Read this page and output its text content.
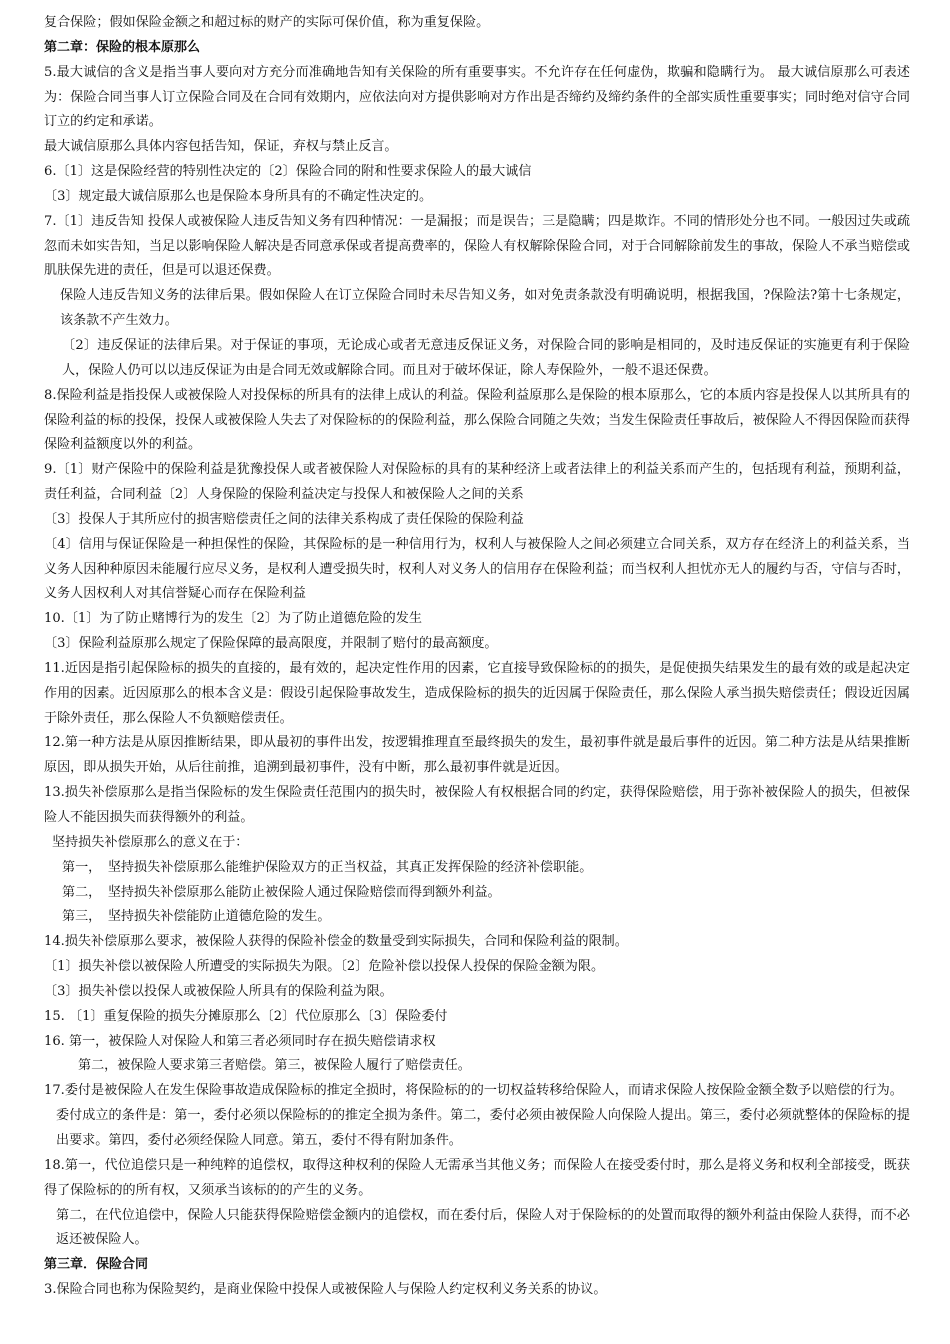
复合保险；假如保险金额之和超过标的财产的实际可保价值，称为重复保险。

第二章：保险的根本原那么

5.最大诚信的含义是指当事人要向对方充分而准确地告知有关保险的所有重要事实。不允许存在任何虚伪，欺骗和隐瞒行为。 最大诚信原那么可表述为：保险合同当事人订立保险合同及在合同有效期内，应依法向对方提供影响对方作出是否缔约及缔约条件的全部实质性重要事实；同时绝对信守合同订立的约定和承诺。

最大诚信原那么具体内容包括告知，保证，弃权与禁止反言。

6.〔1〕这是保险经营的特别性决定的〔2〕保险合同的附和性要求保险人的最大诚信

〔3〕规定最大诚信原那么也是保险本身所具有的不确定性决定的。

7.〔1〕违反告知 投保人或被保险人违反告知义务有四种情况：一是漏报；而是误告；三是隐瞒；四是欺诈。不同的情形处分也不同。一般因过失或疏忽而未如实告知，当足以影响保险人解决是否同意承保或者提高费率的，保险人有权解除保险合同，对于合同解除前发生的事故，保险人不承当赔偿或肌肤保先进的责任，但是可以退还保费。

保险人违反告知义务的法律后果。假如保险人在订立保险合同时未尽告知义务，如对免责条款没有明确说明，根据我国，?保险法?第十七条规定，该条款不产生效力。

〔2〕违反保证的法律后果。对于保证的事项，无论成心或者无意违反保证义务，对保险合同的影响是相同的，及时违反保证的实施更有利于保险人，保险人仍可以以违反保证为由是合同无效或解除合同。而且对于破坏保证，除人寿保险外，一般不退还保费。

8.保险利益是指投保人或被保险人对投保标的所具有的法律上成认的利益。保险利益原那么是保险的根本原那么，它的本质内容是投保人以其所具有的保险利益的标的投保，投保人或被保险人失去了对保险标的的保险利益，那么保险合同随之失效；当发生保险责任事故后，被保险人不得因保险而获得保险利益额度以外的利益。

9.〔1〕财产保险中的保险利益是犹豫投保人或者被保险人对保险标的具有的某种经济上或者法律上的利益关系而产生的，包括现有利益，预期利益，责任利益，合同利益〔2〕人身保险的保险利益决定与投保人和被保险人之间的关系

〔3〕投保人于其所应付的损害赔偿责任之间的法律关系构成了责任保险的保险利益

〔4〕信用与保证保险是一种担保性的保险，其保险标的是一种信用行为，权利人与被保险人之间必须建立合同关系，双方存在经济上的利益关系，当义务人因种种原因未能履行应尽义务，是权利人遭受损失时，权利人对义务人的信用存在保险利益；而当权利人担忧亦无人的履约与否，守信与否时，义务人因权利人对其信誉疑心而存在保险利益

10.〔1〕为了防止赌博行为的发生〔2〕为了防止道德危险的发生

〔3〕保险利益原那么规定了保险保障的最高限度，并限制了赔付的最高额度。

11.近因是指引起保险标的损失的直接的，最有效的，起决定性作用的因素，它直接导致保险标的的损失，是促使损失结果发生的最有效的或是起决定作用的因素。近因原那么的根本含义是：假设引起保险事故发生，造成保险标的损失的近因属于保险责任，那么保险人承当损失赔偿责任；假设近因属于除外责任，那么保险人不负额赔偿责任。

12.第一种方法是从原因推断结果，即从最初的事件出发，按逻辑推理直至最终损失的发生，最初事件就是最后事件的近因。第二种方法是从结果推断原因，即从损失开始，从后往前推，追溯到最初事件，没有中断，那么最初事件就是近因。

13.损失补偿原那么是指当保险标的发生保险责任范围内的损失时，被保险人有权根据合同的约定，获得保险赔偿，用于弥补被保险人的损失，但被保险人不能因损失而获得额外的利益。

坚持损失补偿原那么的意义在于：

第一，　坚持损失补偿原那么能维护保险双方的正当权益，其真正发挥保险的经济补偿职能。

第二，　坚持损失补偿原那么能防止被保险人通过保险赔偿而得到额外利益。

第三，　坚持损失补偿能防止道德危险的发生。

14.损失补偿原那么要求，被保险人获得的保险补偿金的数量受到实际损失，合同和保险利益的限制。

〔1〕损失补偿以被保险人所遭受的实际损失为限。〔2〕危险补偿以投保人投保的保险金额为限。

〔3〕损失补偿以投保人或被保险人所具有的保险利益为限。

15. 〔1〕重复保险的损失分摊原那么〔2〕代位原那么〔3〕保险委付

16. 第一，被保险人对保险人和第三者必须同时存在损失赔偿请求权

第二，被保险人要求第三者赔偿。第三，被保险人履行了赔偿责任。

17.委付是被保险人在发生保险事故造成保险标的推定全损时，将保险标的的一切权益转移给保险人，而请求保险人按保险金额全数予以赔偿的行为。

委付成立的条件是：第一，委付必须以保险标的的推定全损为条件。第二，委付必须由被保险人向保险人提出。第三，委付必须就整体的保险标的提出要求。第四，委付必须经保险人同意。第五，委付不得有附加条件。

18.第一，代位追偿只是一种纯粹的追偿权，取得这种权利的保险人无需承当其他义务；而保险人在接受委付时，那么是将义务和权利全部接受，既获得了保险标的的所有权，又须承当该标的的产生的义务。

第二，在代位追偿中，保险人只能获得保险赔偿金额内的追偿权，而在委付后，保险人对于保险标的的处置而取得的额外利益由保险人获得，而不必返还被保险人。

第三章．保险合同

3.保险合同也称为保险契约，是商业保险中投保人或被保险人与保险人约定权利义务关系的协议。
